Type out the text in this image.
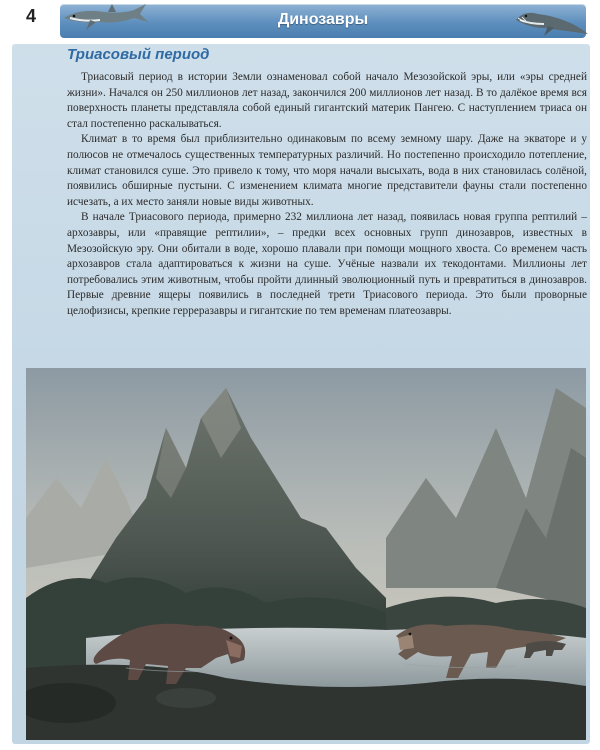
4	Динозавры
Триасовый период

Триасовый период в истории Земли ознаменовал собой начало Мезозойской эры, или «эры средней жизни». Начался он 250 миллионов лет назад, закончился 200 миллионов лет назад. В то далёкое время вся поверхность планеты представляла собой единый гигантский материк Пангею. С наступлением триаса он стал постепенно раскалываться.

Климат в то время был приблизительно одинаковым по всему земному шару. Даже на экваторе и у полюсов не отмечалось существенных температурных различий. Но постепенно происходило потепление, климат становился суше. Это привело к тому, что моря начали высыхать, вода в них становилась солёной, появились обширные пустыни. С изменением климата многие представители фауны стали постепенно исчезать, а их место заняли новые виды животных.

В начале Триасового периода, примерно 232 миллиона лет назад, появилась новая группа рептилий – архозавры, или «правящие рептилии», – предки всех основных групп динозавров, известных в Мезозойскую эру. Они обитали в воде, хорошо плавали при помощи мощного хвоста. Со временем часть архозавров стала адаптироваться к жизни на суше. Учёные назвали их текодонтами. Миллионы лет потребовались этим животным, чтобы пройти длинный эволюционный путь и превратиться в динозавров. Первые древние ящеры появились в последней трети Триасового периода. Это были проворные целофизисы, крепкие герреразавры и гигантские по тем временам платеозавры.
